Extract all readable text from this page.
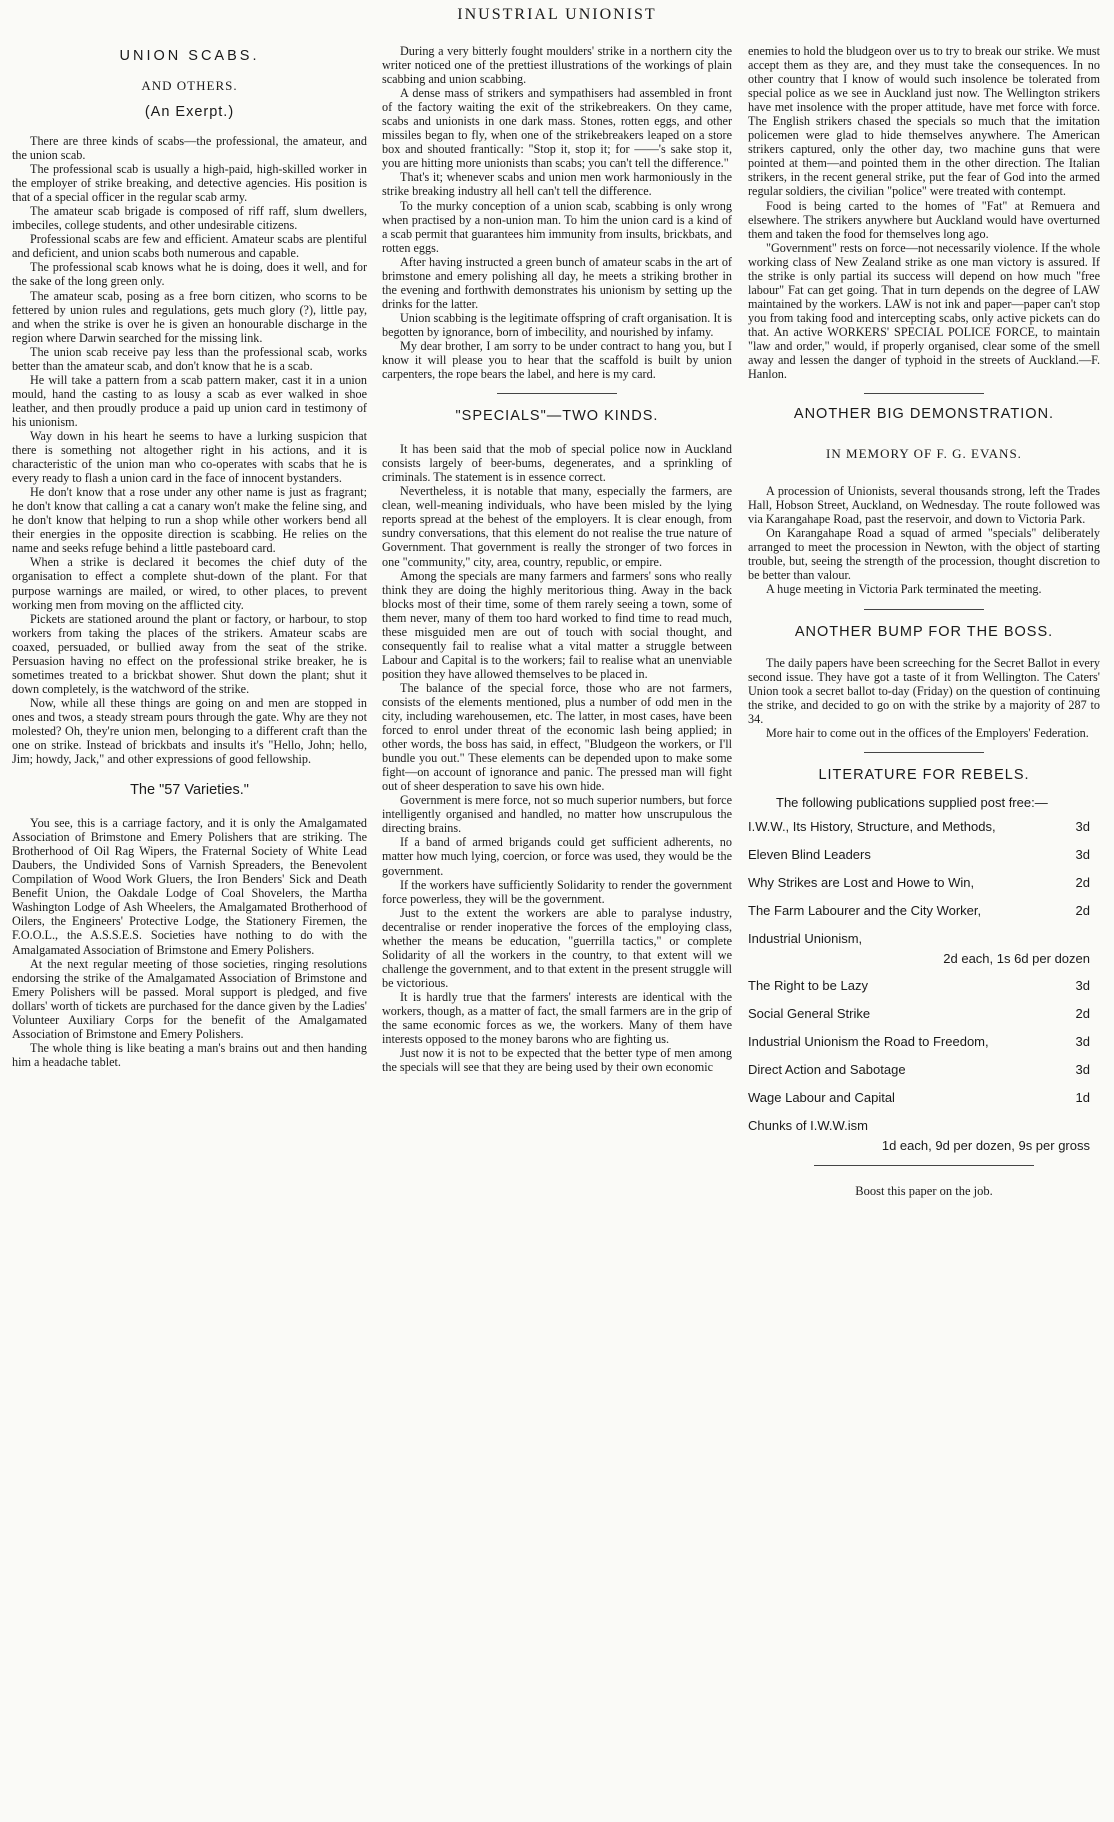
INUSTRIAL UNIONIST
UNION SCABS.
AND OTHERS.
(An Exerpt.)

There are three kinds of scabs—the professional, the amateur, and the union scab.

The professional scab is usually a high-paid, high-skilled worker in the employer of strike breaking, and detective agencies. His position is that of a special officer in the regular scab army.

The amateur scab brigade is composed of riff raff, slum dwellers, imbeciles, college students, and other undesirable citizens.

Professional scabs are few and efficient. Amateur scabs are plentiful and deficient, and union scabs both numerous and capable.

The professional scab knows what he is doing, does it well, and for the sake of the long green only.

The amateur scab, posing as a free born citizen, who scorns to be fettered by union rules and regulations, gets much glory (?), little pay, and when the strike is over he is given an honourable discharge in the region where Darwin searched for the missing link.

The union scab receive pay less than the professional scab, works better than the amateur scab, and don't know that he is a scab.

He will take a pattern from a scab pattern maker, cast it in a union mould, hand the casting to as lousy a scab as ever walked in shoe leather, and then proudly produce a paid up union card in testimony of his unionism.

Way down in his heart he seems to have a lurking suspicion that there is something not altogether right in his actions, and it is characteristic of the union man who co-operates with scabs that he is every ready to flash a union card in the face of innocent bystanders.

He don't know that a rose under any other name is just as fragrant; he don't know that calling a cat a canary won't make the feline sing, and he don't know that helping to run a shop while other workers bend all their energies in the opposite direction is scabbing. He relies on the name and seeks refuge behind a little pasteboard card.

When a strike is declared it becomes the chief duty of the organisation to effect a complete shut-down of the plant. For that purpose warnings are mailed, or wired, to other places, to prevent working men from moving on the afflicted city.

Pickets are stationed around the plant or factory, or harbour, to stop workers from taking the places of the strikers. Amateur scabs are coaxed, persuaded, or bullied away from the seat of the strike. Persuasion having no effect on the professional strike breaker, he is sometimes treated to a brickbat shower. Shut down the plant; shut it down completely, is the watchword of the strike.

Now, while all these things are going on and men are stopped in ones and twos, a steady stream pours through the gate. Why are they not molested? Oh, they're union men, belonging to a different craft than the one on strike. Instead of brickbats and insults it's "Hello, John; hello, Jim; howdy, Jack," and other expressions of good fellowship.

The "57 Varieties."

You see, this is a carriage factory, and it is only the Amalgamated Association of Brimstone and Emery Polishers that are striking. The Brotherhood of Oil Rag Wipers, the Fraternal Society of White Lead Daubers, the Undivided Sons of Varnish Spreaders, the Benevolent Compilation of Wood Work Gluers, the Iron Benders' Sick and Death Benefit Union, the Oakdale Lodge of Coal Shovelers, the Martha Washington Lodge of Ash Wheelers, the Amalgamated Brotherhood of Oilers, the Engineers' Protective Lodge, the Stationery Firemen, the F.O.O.L., the A.S.S.E.S. Societies have nothing to do with the Amalgamated Association of Brimstone and Emery Polishers.

At the next regular meeting of those societies, ringing resolutions endorsing the strike of the Amalgamated Association of Brimstone and Emery Polishers will be passed. Moral support is pledged, and five dollars' worth of tickets are purchased for the dance given by the Ladies' Volunteer Auxiliary Corps for the benefit of the Amalgamated Association of Brimstone and Emery Polishers.

The whole thing is like beating a man's brains out and then handing him a headache tablet.

During a very bitterly fought moulders' strike in a northern city the writer noticed one of the prettiest illustrations of the workings of plain scabbing and union scabbing.

A dense mass of strikers and sympathisers had assembled in front of the factory waiting the exit of the strikebreakers. On they came, scabs and unionists in one dark mass. Stones, rotten eggs, and other missiles began to fly, when one of the strikebreakers leaped on a store box and shouted frantically: "Stop it, stop it; for ——'s sake stop it, you are hitting more unionists than scabs; you can't tell the difference."

That's it; whenever scabs and union men work harmoniously in the strike breaking industry all hell can't tell the difference.

To the murky conception of a union scab, scabbing is only wrong when practised by a non-union man. To him the union card is a kind of a scab permit that guarantees him immunity from insults, brickbats, and rotten eggs.

After having instructed a green bunch of amateur scabs in the art of brimstone and emery polishing all day, he meets a striking brother in the evening and forthwith demonstrates his unionism by setting up the drinks for the latter.

Union scabbing is the legitimate offspring of craft organisation. It is begotten by ignorance, born of imbecility, and nourished by infamy.

My dear brother, I am sorry to be under contract to hang you, but I know it will please you to hear that the scaffold is built by union carpenters, the rope bears the label, and here is my card.

"SPECIALS"—TWO KINDS.

It has been said that the mob of special police now in Auckland consists largely of beer-bums, degenerates, and a sprinkling of criminals. The statement is in essence correct.

Nevertheless, it is notable that many, especially the farmers, are clean, well-meaning individuals, who have been misled by the lying reports spread at the behest of the employers. It is clear enough, from sundry conversations, that this element do not realise the true nature of Government. That government is really the stronger of two forces in one "community," city, area, country, republic, or empire.

Among the specials are many farmers and farmers' sons who really think they are doing the highly meritorious thing. Away in the back blocks most of their time, some of them rarely seeing a town, some of them never, many of them too hard worked to find time to read much, these misguided men are out of touch with social thought, and consequently fail to realise what a vital matter a struggle between Labour and Capital is to the workers; fail to realise what an unenviable position they have allowed themselves to be placed in.

The balance of the special force, those who are not farmers, consists of the elements mentioned, plus a number of odd men in the city, including warehousemen, etc. The latter, in most cases, have been forced to enrol under threat of the economic lash being applied; in other words, the boss has said, in effect, "Bludgeon the workers, or I'll bundle you out." These elements can be depended upon to make some fight—on account of ignorance and panic. The pressed man will fight out of sheer desperation to save his own hide.

Government is mere force, not so much superior numbers, but force intelligently organised and handled, no matter how unscrupulous the directing brains.

If a band of armed brigands could get sufficient adherents, no matter how much lying, coercion, or force was used, they would be the government.

If the workers have sufficiently Solidarity to render the government force powerless, they will be the government.

Just to the extent the workers are able to paralyse industry, decentralise or render inoperative the forces of the employing class, whether the means be education, "guerrilla tactics," or complete Solidarity of all the workers in the country, to that extent will we challenge the government, and to that extent in the present struggle will be victorious.

It is hardly true that the farmers' interests are identical with the workers, though, as a matter of fact, the small farmers are in the grip of the same economic forces as we, the workers. Many of them have interests opposed to the money barons who are fighting us.

Just now it is not to be expected that the better type of men among the specials will see that they are being used by their own economic

enemies to hold the bludgeon over us to try to break our strike. We must accept them as they are, and they must take the consequences. In no other country that I know of would such insolence be tolerated from special police as we see in Auckland just now. The Wellington strikers have met insolence with the proper attitude, have met force with force. The English strikers chased the specials so much that the imitation policemen were glad to hide themselves anywhere. The American strikers captured, only the other day, two machine guns that were pointed at them—and pointed them in the other direction. The Italian strikers, in the recent general strike, put the fear of God into the armed regular soldiers, the civilian "police" were treated with contempt.

Food is being carted to the homes of "Fat" at Remuera and elsewhere. The strikers anywhere but Auckland would have overturned them and taken the food for themselves long ago.

"Government" rests on force—not necessarily violence. If the whole working class of New Zealand strike as one man victory is assured. If the strike is only partial its success will depend on how much "free labour" Fat can get going. That in turn depends on the degree of LAW maintained by the workers. LAW is not ink and paper—paper can't stop you from taking food and intercepting scabs, only active pickets can do that. An active WORKERS' SPECIAL POLICE FORCE, to maintain "law and order," would, if properly organised, clear some of the smell away and lessen the danger of typhoid in the streets of Auckland.—F. Hanlon.

ANOTHER BIG DEMONSTRATION.
IN MEMORY OF F. G. EVANS.

A procession of Unionists, several thousands strong, left the Trades Hall, Hobson Street, Auckland, on Wednesday. The route followed was via Karangahape Road, past the reservoir, and down to Victoria Park.

On Karangahape Road a squad of armed "specials" deliberately arranged to meet the procession in Newton, with the object of starting trouble, but, seeing the strength of the procession, thought discretion to be better than valour.

A huge meeting in Victoria Park terminated the meeting.

ANOTHER BUMP FOR THE BOSS.

The daily papers have been screeching for the Secret Ballot in every second issue. They have got a taste of it from Wellington. The Caters' Union took a secret ballot to-day (Friday) on the question of continuing the strike, and decided to go on with the strike by a majority of 287 to 34.

More hair to come out in the offices of the Employers' Federation.

LITERATURE FOR REBELS.
The following publications supplied post free:—
I.W.W., Its History, Structure, and Methods,	3d
Eleven Blind Leaders	3d
Why Strikes are Lost and Howe to Win,	2d
The Farm Labourer and the City Worker,	2d
Industrial Unionism,
2d each, 1s 6d per dozen
The Right to be Lazy	3d
Social General Strike	2d
Industrial Unionism the Road to Freedom,	3d
Direct Action and Sabotage	3d
Wage Labour and Capital	1d
Chunks of I.W.W.ism
1d each, 9d per dozen, 9s per gross
Boost this paper on the job.
